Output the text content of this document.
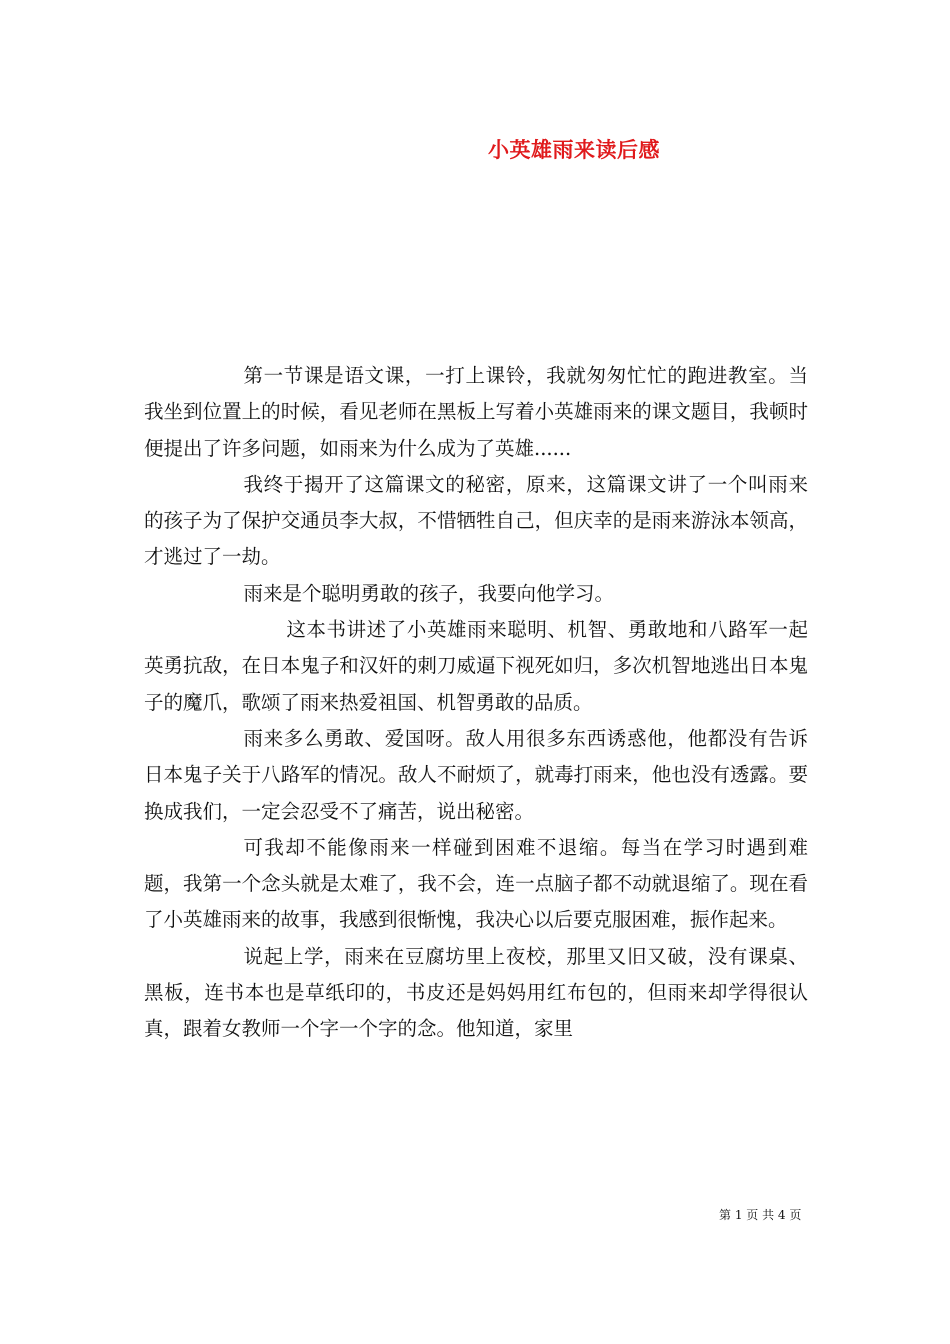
小英雄雨来读后感

第一节课是语文课，一打上课铃，我就匆匆忙忙的跑进教室。当我坐到位置上的时候，看见老师在黑板上写着小英雄雨来的课文题目，我顿时便提出了许多问题，如雨来为什么成为了英雄......

我终于揭开了这篇课文的秘密，原来，这篇课文讲了一个叫雨来的孩子为了保护交通员李大叔，不惜牺牲自己，但庆幸的是雨来游泳本领高，才逃过了一劫。

雨来是个聪明勇敢的孩子，我要向他学习。

这本书讲述了小英雄雨来聪明、机智、勇敢地和八路军一起英勇抗敌，在日本鬼子和汉奸的刺刀威逼下视死如归，多次机智地逃出日本鬼子的魔爪，歌颂了雨来热爱祖国、机智勇敢的品质。

雨来多么勇敢、爱国呀。敌人用很多东西诱惑他，他都没有告诉日本鬼子关于八路军的情况。敌人不耐烦了，就毒打雨来，他也没有透露。要换成我们，一定会忍受不了痛苦，说出秘密。

可我却不能像雨来一样碰到困难不退缩。每当在学习时遇到难题，我第一个念头就是太难了，我不会，连一点脑子都不动就退缩了。现在看了小英雄雨来的故事，我感到很惭愧，我决心以后要克服困难，振作起来。

说起上学，雨来在豆腐坊里上夜校，那里又旧又破，没有课桌、黑板，连书本也是草纸印的，书皮还是妈妈用红布包的，但雨来却学得很认真，跟着女教师一个字一个字的念。他知道，家里

第 1 页 共 4 页
